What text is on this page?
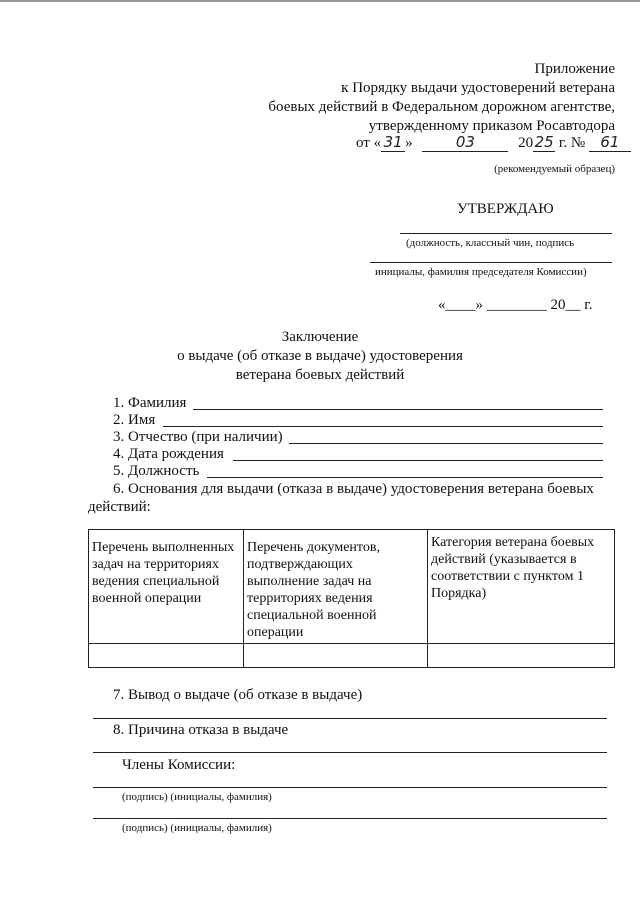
Приложение
к Порядку выдачи удостоверений ветерана
боевых действий в Федеральном дорожном агентстве,
утвержденному приказом Росавтодора
от « 31 »	03	2025 г. № 61
(рекомендуемый образец)
УТВЕРЖДАЮ
(должность, классный чин, подпись
инициалы, фамилия председателя Комиссии)
«____» ________ 20__ г.
Заключение
о выдаче (об отказе в выдаче) удостоверения
ветерана боевых действий
1. Фамилия
2. Имя
3. Отчество (при наличии)
4. Дата рождения
5. Должность
6. Основания для выдачи (отказа в выдаче) удостоверения ветерана боевых
действий:
Перечень выполненных задач на территориях ведения специальной военной операции	Перечень документов, подтверждающих выполнение задач на территориях ведения специальной военной операции	Категория ветерана боевых действий (указывается в соответствии с пунктом 1 Порядка)

7. Вывод о выдаче (об отказе в выдаче)
8. Причина отказа в выдаче
Члены Комиссии:
(подпись) (инициалы, фамилия)
(подпись) (инициалы, фамилия)
